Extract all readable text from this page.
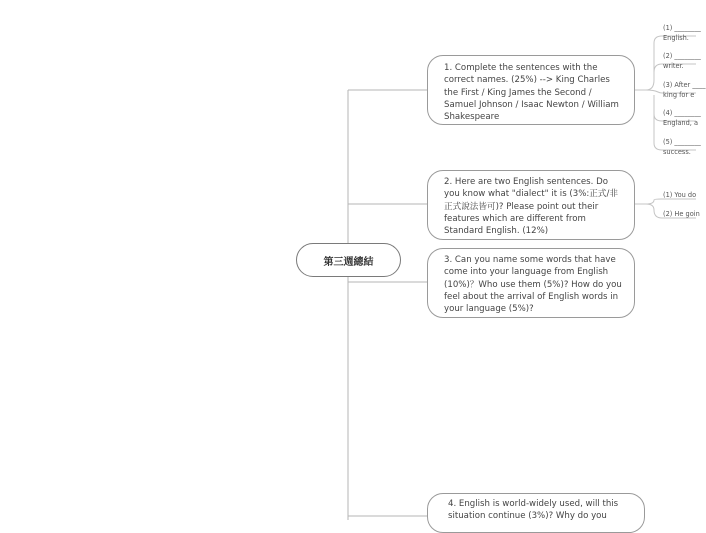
第三週總結
1. Complete the sentences with the correct names. (25%) --> King Charles the First / King James the Second / Samuel Johnson / Isaac Newton / William Shakespeare
2. Here are two English sentences. Do you know what "dialect" it is (3%:正式/非正式說法皆可)? Please point out their features which are different from Standard English. (12%)
3. Can you name some words that have come into your language from English (10%)？Who use them (5%)? How do you feel about the arrival of English words in your language (5%)?
4. English is world-widely used, will this situation continue (3%)? Why do you
(1) ________
English.
(2) ________
writer.
(3) After ____
king for e
(4) ________
England, a
(5) ________
success.
(1) You do
(2) He goin
